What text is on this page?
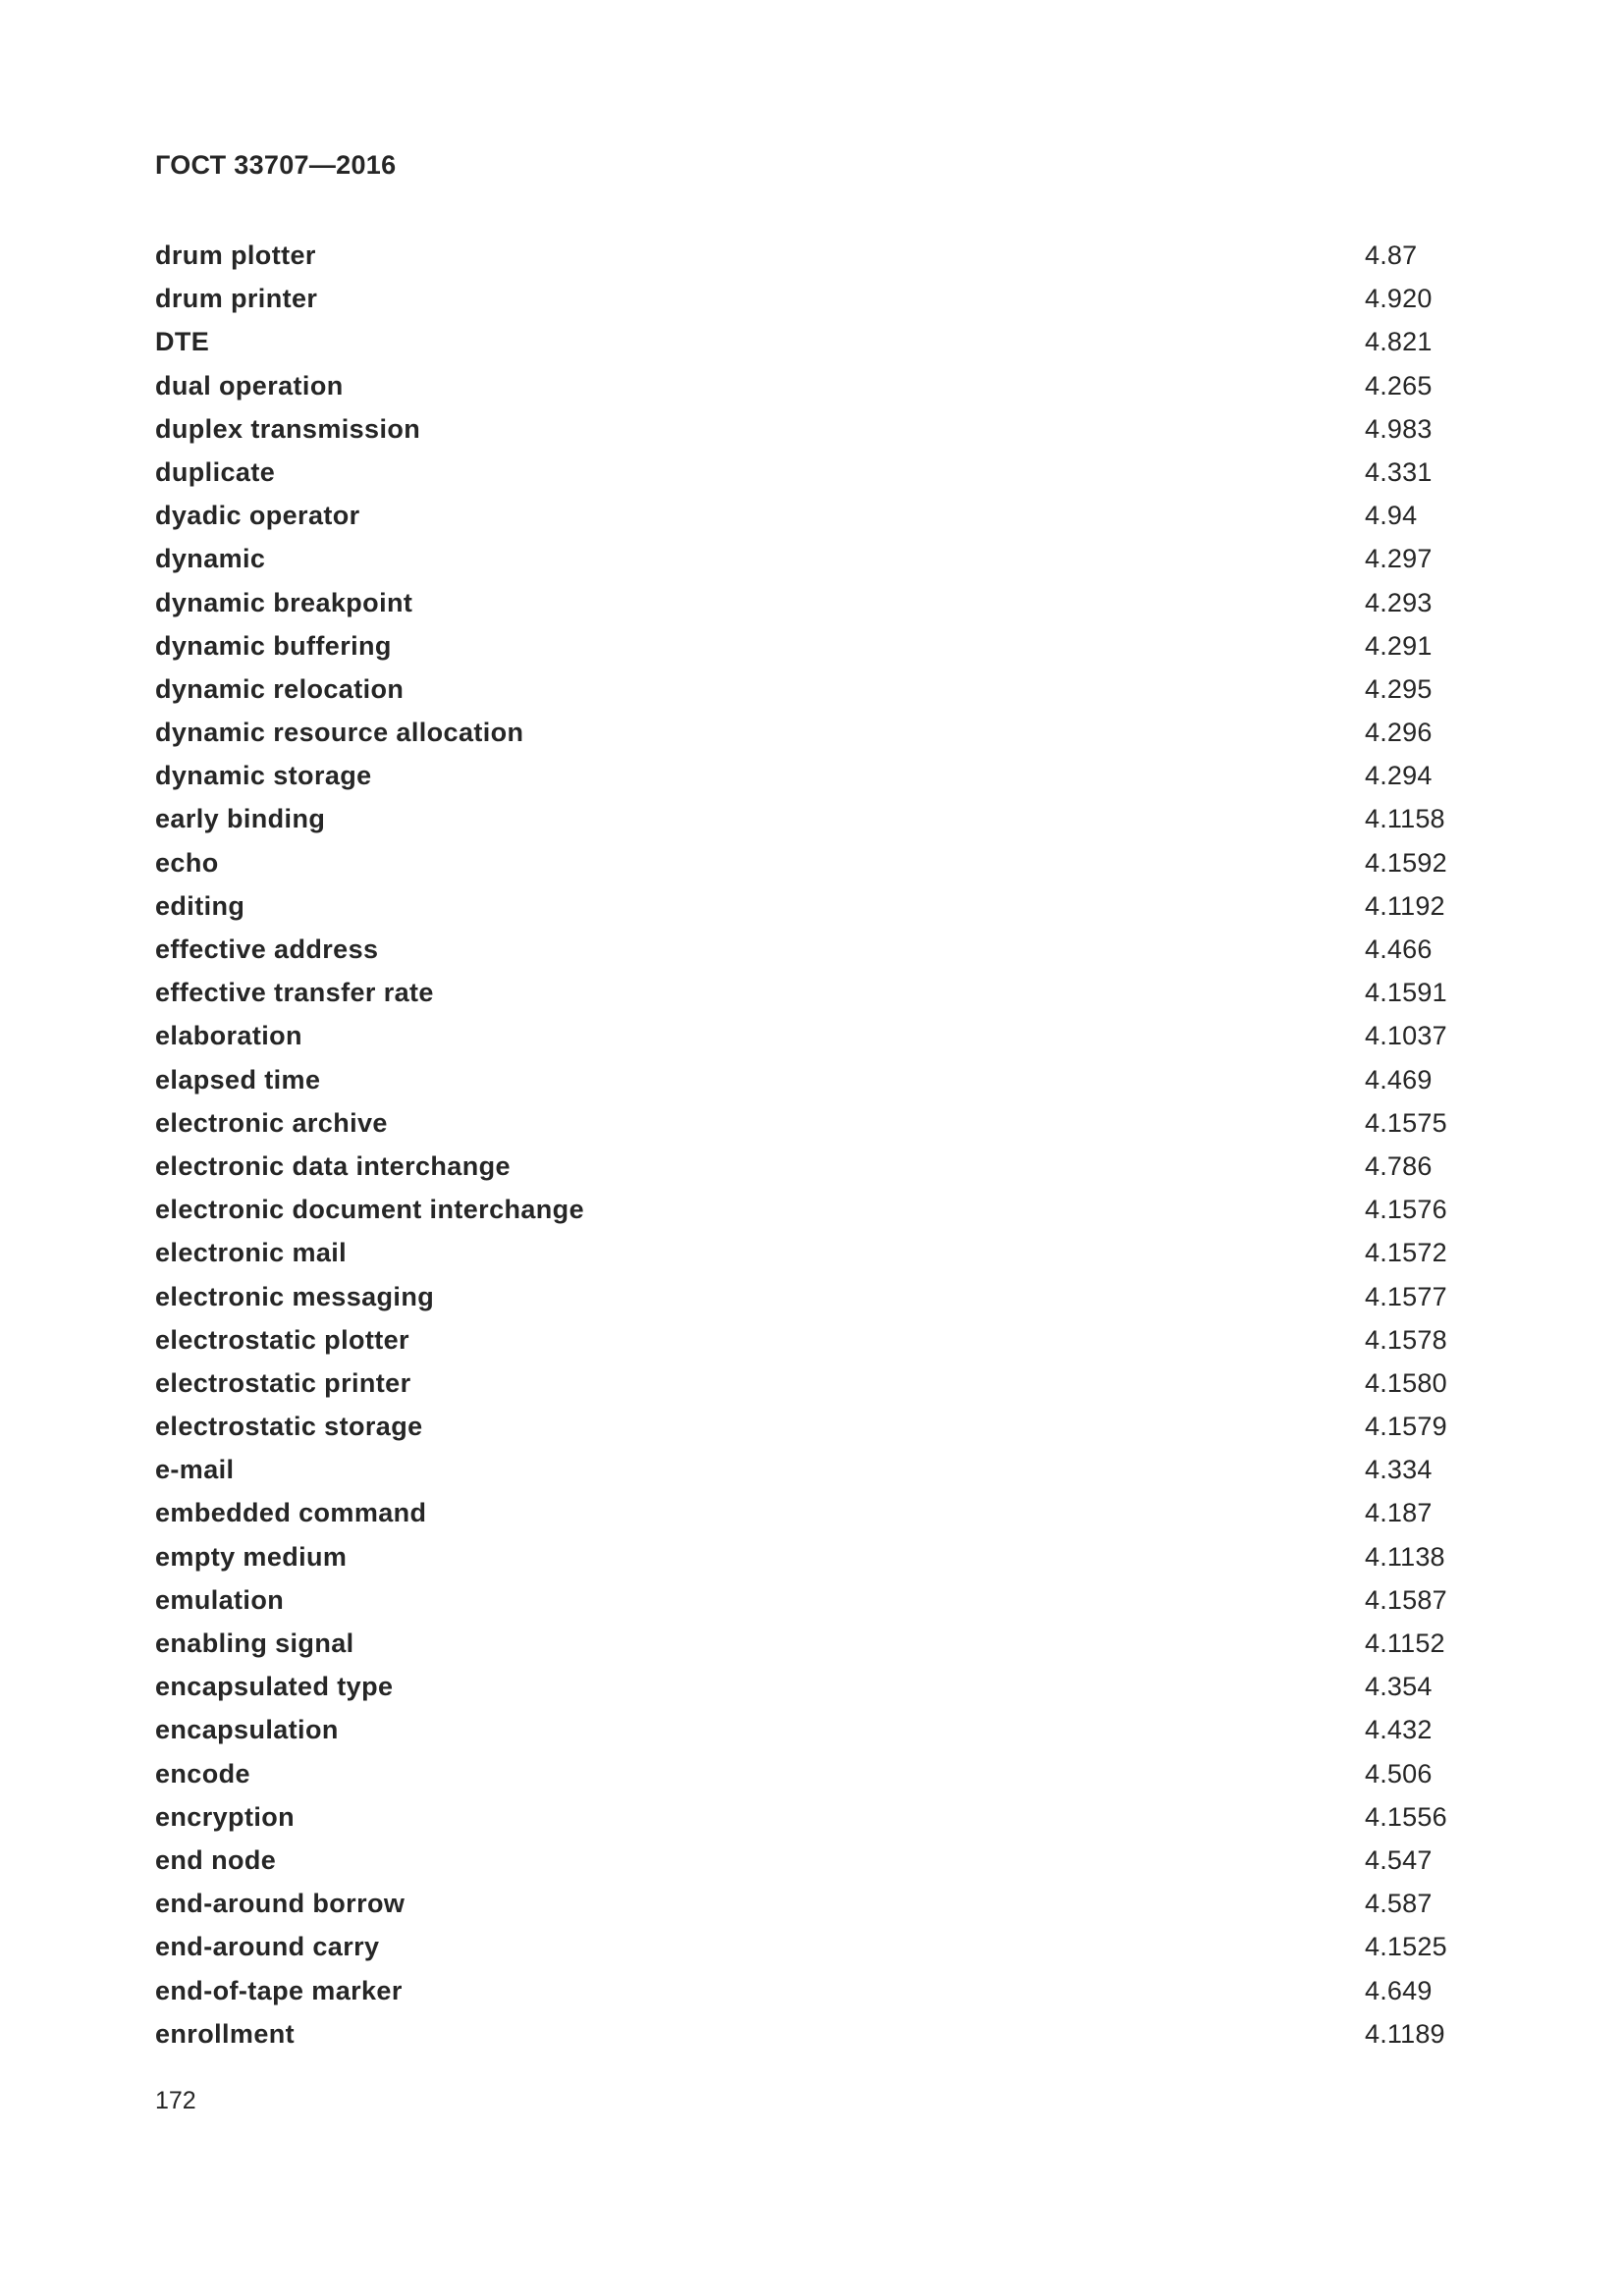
ГОСТ 33707—2016
drum plotter	4.87
drum printer	4.920
DTE	4.821
dual operation	4.265
duplex transmission	4.983
duplicate	4.331
dyadic operator	4.94
dynamic	4.297
dynamic breakpoint	4.293
dynamic buffering	4.291
dynamic relocation	4.295
dynamic resource allocation	4.296
dynamic storage	4.294
early binding	4.1158
echo	4.1592
editing	4.1192
effective address	4.466
effective transfer rate	4.1591
elaboration	4.1037
elapsed time	4.469
electronic archive	4.1575
electronic data interchange	4.786
electronic document interchange	4.1576
electronic mail	4.1572
electronic messaging	4.1577
electrostatic plotter	4.1578
electrostatic printer	4.1580
electrostatic storage	4.1579
e-mail	4.334
embedded command	4.187
empty medium	4.1138
emulation	4.1587
enabling signal	4.1152
encapsulated type	4.354
encapsulation	4.432
encode	4.506
encryption	4.1556
end node	4.547
end-around borrow	4.587
end-around carry	4.1525
end-of-tape marker	4.649
enrollment	4.1189
172
